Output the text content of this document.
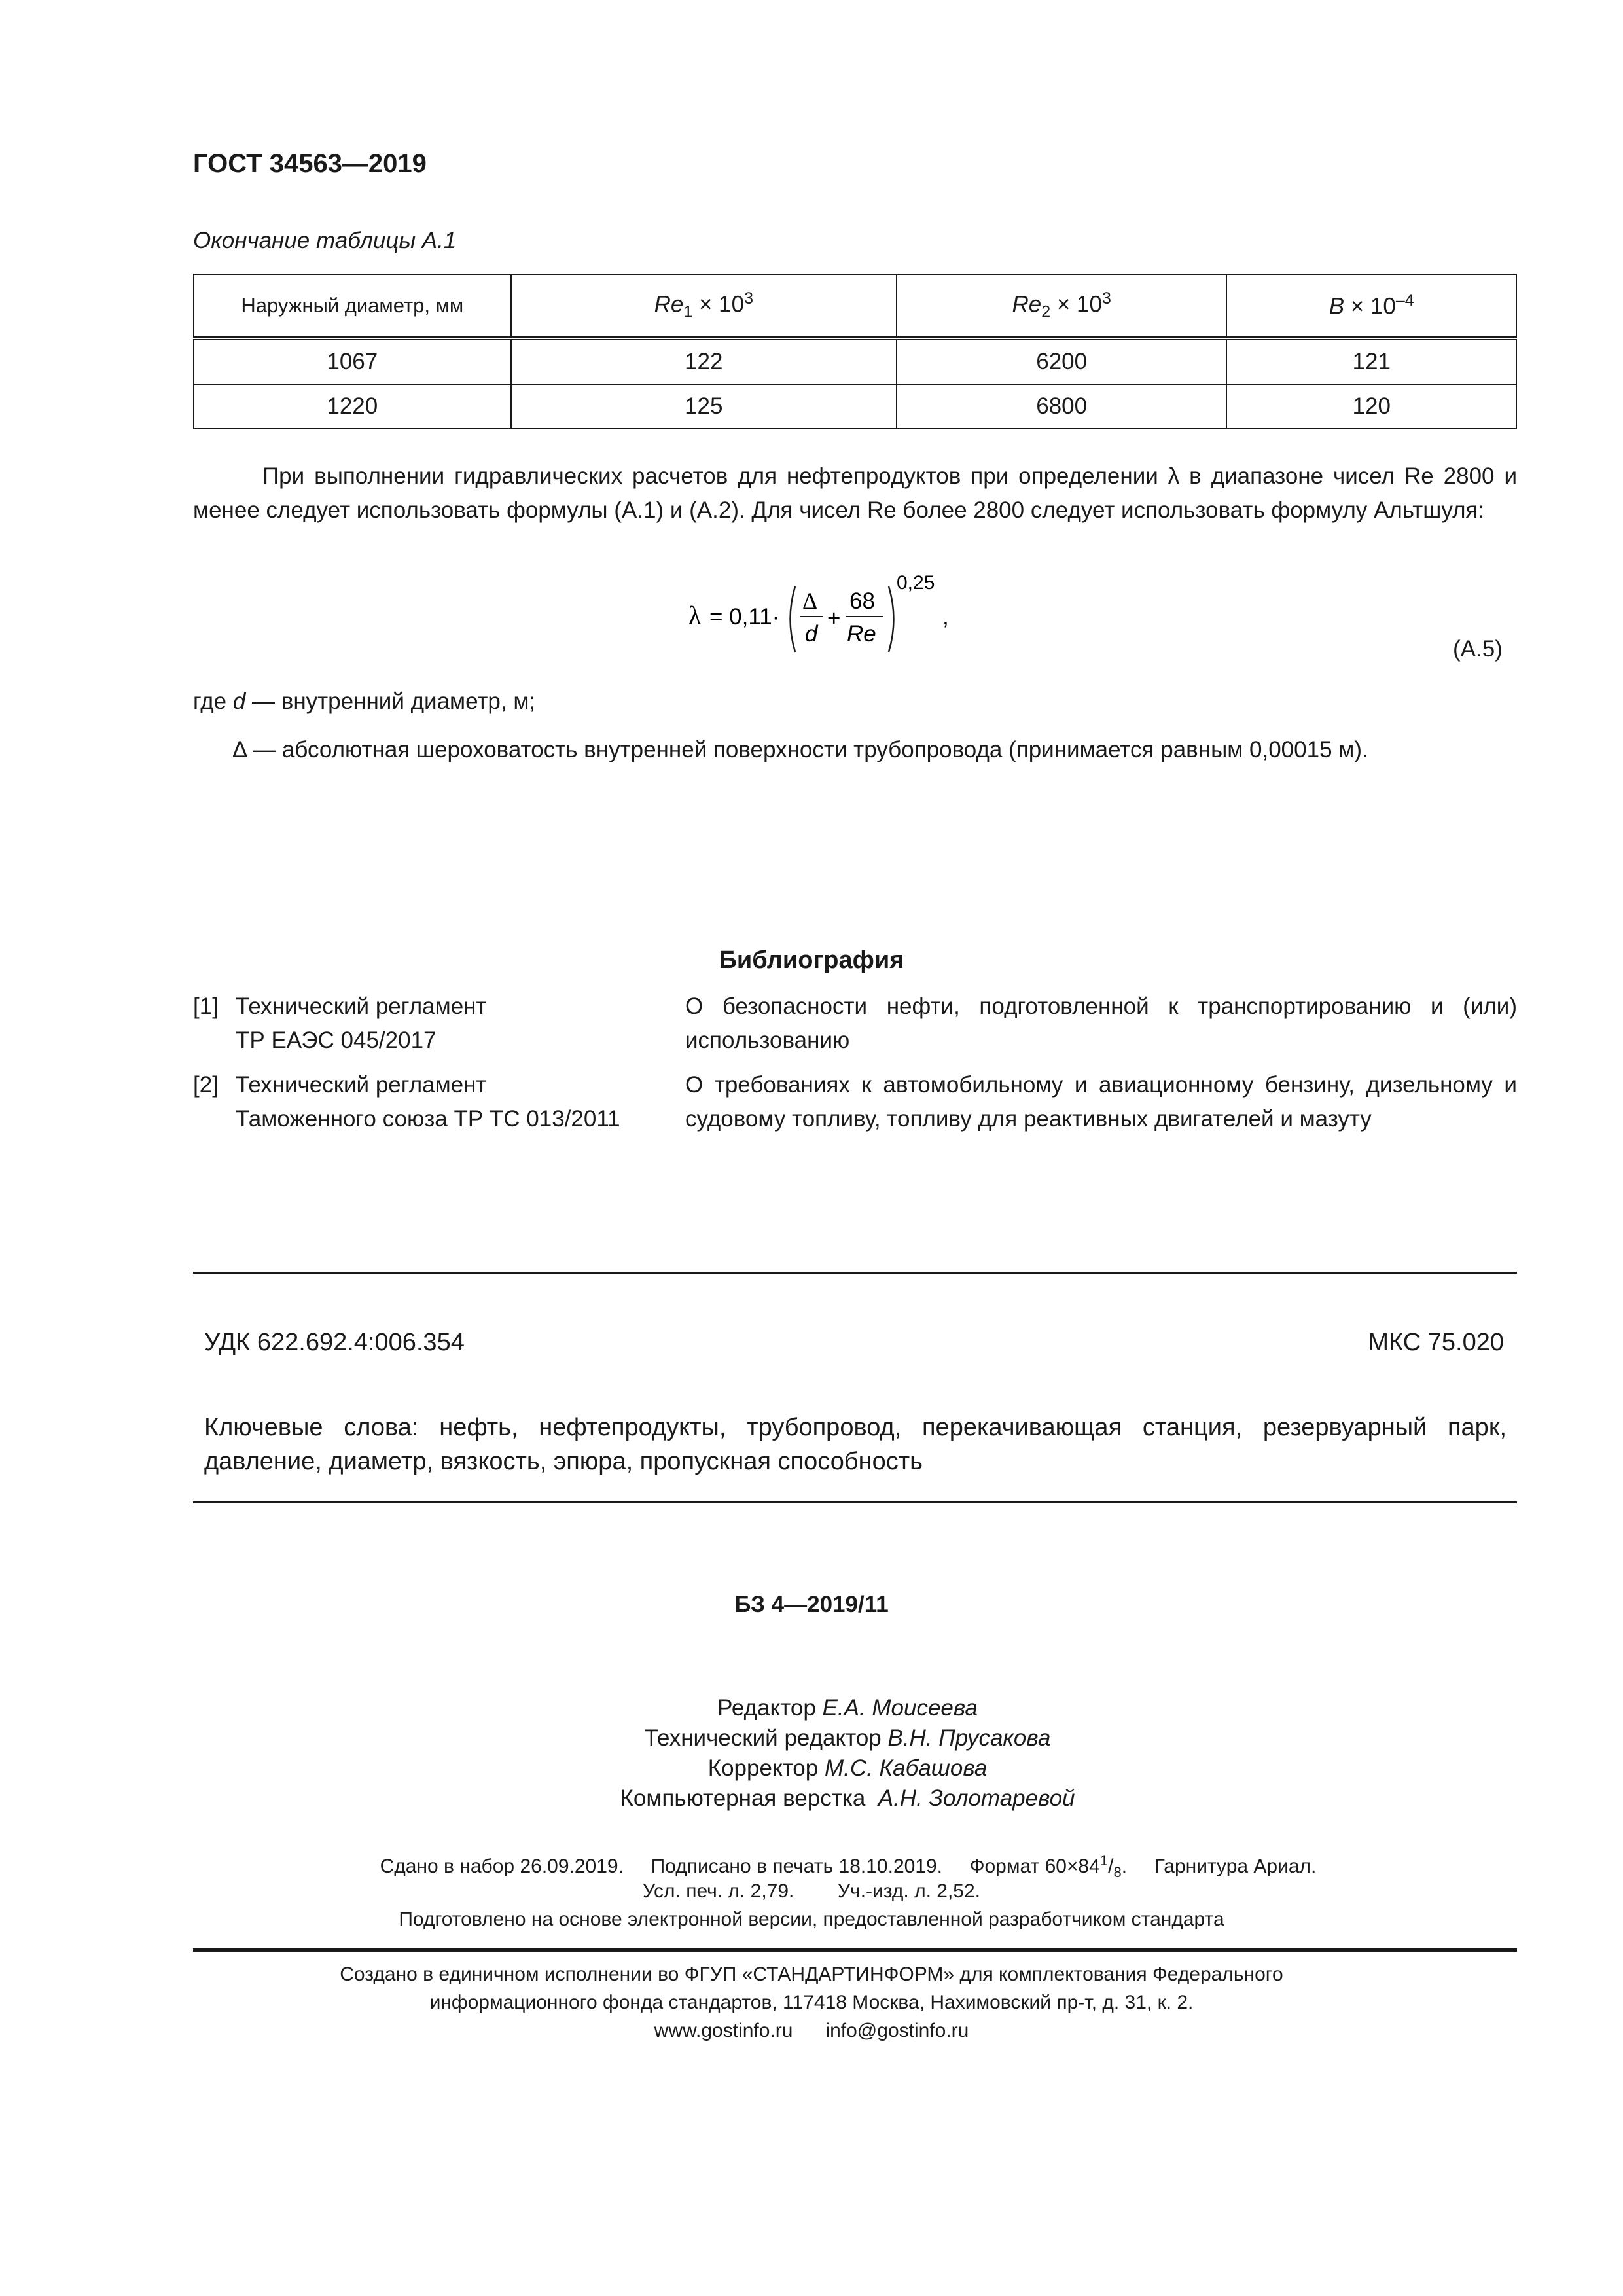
ГОСТ 34563—2019
Окончание таблицы А.1
Наружный диаметр, мм	$Re_1 \times 10^3$	$Re_2 \times 10^3$	$B \times 10^{-4}$
1067	122	6200	121
1220	125	6800	120
При выполнении гидравлических расчетов для нефтепродуктов при определении λ в диапазоне чисел Re 2800 и менее следует использовать формулы (А.1) и (А.2). Для чисел Re более 2800 следует использовать формулу Альтшуля:
λ = 0,11·
Δ
d
+
68
Re
0,25
,
(А.5)
где d — внутренний диаметр, м;
Δ — абсолютная шероховатость внутренней поверхности трубопровода (принимается равным 0,00015 м).
Библиография
[1] Технический регламент
ТР ЕАЭС 045/2017
О безопасности нефти, подготовленной к транспортированию и (или) использованию
[2] Технический регламент
Таможенного союза ТР ТС 013/2011
О требованиях к автомобильному и авиационному бензину, дизельному и судовому топливу, топливу для реактивных двигателей и мазуту
УДК 622.692.4:006.354	МКС 75.020
Ключевые слова: нефть, нефтепродукты, трубопровод, перекачивающая станция, резервуарный парк, давление, диаметр, вязкость, эпюра, пропускная способность
БЗ 4—2019/11
Редактор Е.А. Моисеева
Технический редактор В.Н. Прусакова
Корректор М.С. Кабашова
Компьютерная верстка  А.Н. Золотаревой
Сдано в набор 26.09.2019.     Подписано в печать 18.10.2019.     Формат $60\times 84^1/_8$.     Гарнитура Ариал.
Усл. печ. л. 2,79.        Уч.-изд. л. 2,52.
Подготовлено на основе электронной версии, предоставленной разработчиком стандарта
Создано в единичном исполнении во ФГУП «СТАНДАРТИНФОРМ» для комплектования Федерального
информационного фонда стандартов, 117418 Москва, Нахимовский пр-т, д. 31, к. 2.
www.gostinfo.ru info@gostinfo.ru
